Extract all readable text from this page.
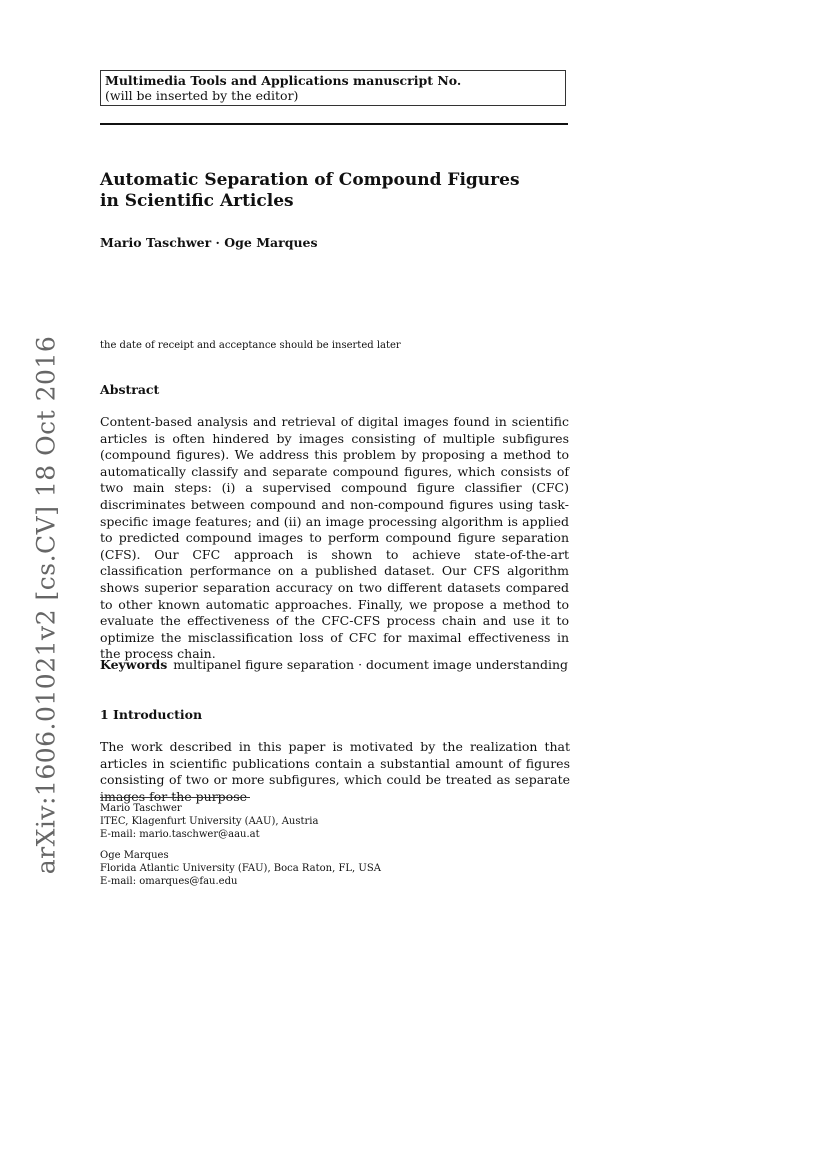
Multimedia Tools and Applications manuscript No.
(will be inserted by the editor)
Automatic Separation of Compound Figures
in Scientific Articles
Mario Taschwer · Oge Marques
the date of receipt and acceptance should be inserted later
Abstract
Content-based analysis and retrieval of digital images found in scientific articles is often hindered by images consisting of multiple subfigures (compound figures). We address this problem by proposing a method to automatically classify and separate compound figures, which consists of two main steps: (i) a supervised compound figure classifier (CFC) discriminates between compound and non-compound figures using task-specific image features; and (ii) an image processing algorithm is applied to predicted compound images to perform compound figure separation (CFS). Our CFC approach is shown to achieve state-of-the-art classification performance on a published dataset. Our CFS algorithm shows superior separation accuracy on two different datasets compared to other known automatic approaches. Finally, we propose a method to evaluate the effectiveness of the CFC-CFS process chain and use it to optimize the misclassification loss of CFC for maximal effectiveness in the process chain.
Keywords multipanel figure separation · document image understanding
1 Introduction
The work described in this paper is motivated by the realization that articles in scientific publications contain a substantial amount of figures consisting of two or more subfigures, which could be treated as separate images for the purpose
Mario Taschwer
ITEC, Klagenfurt University (AAU), Austria
E-mail: mario.taschwer@aau.at
Oge Marques
Florida Atlantic University (FAU), Boca Raton, FL, USA
E-mail: omarques@fau.edu
arXiv:1606.01021v2 [cs.CV] 18 Oct 2016
